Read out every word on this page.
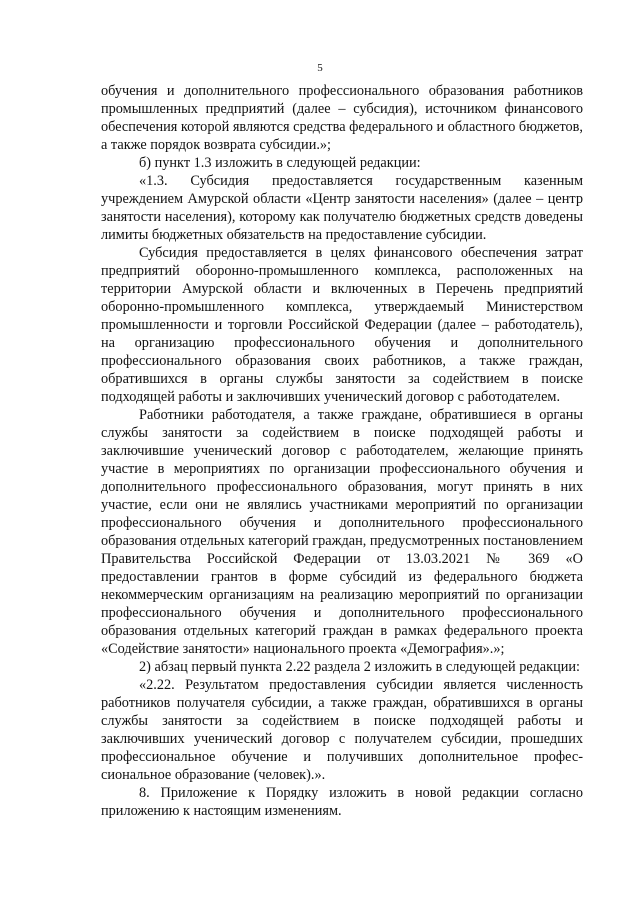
5

обучения и дополнительного профессионального образования работников промышленных предприятий (далее – субсидия), источником финансового обеспечения которой являются средства федерального и областного бюджетов, а также порядок возврата субсидии.»;

б) пункт 1.3 изложить в следующей редакции:

«1.3. Субсидия предоставляется государственным казенным учреждением Амурской области «Центр занятости населения» (далее – центр занятости населения), которому как получателю бюджетных средств доведены лимиты бюджетных обязательств на предоставление субсидии.

Субсидия предоставляется в целях финансового обеспечения затрат предприятий оборонно-промышленного комплекса, расположенных на территории Амурской области и включенных в Перечень предприятий оборонно-промышленного комплекса, утверждаемый Министерством промышленности и торговли Российской Федерации (далее – работодатель), на организацию профессионального обучения и дополнительного профессионального образования своих работников, а также граждан, обратившихся в органы службы занятости за содействием в поиске подходящей работы и заключивших ученический договор с работодателем.

Работники работодателя, а также граждане, обратившиеся в органы службы занятости за содействием в поиске подходящей работы и заключившие ученический договор с работодателем, желающие принять участие в мероприятиях по организации профессионального обучения и дополнительного профессионального образования, могут принять в них участие, если они не являлись участниками мероприятий по организации профессионального обучения и дополнительного профессионального образования отдельных категорий граждан, предусмотренных постановлением Правительства Российской Федерации от 13.03.2021 № 369 «О предоставлении грантов в форме субсидий из федерального бюджета некоммерческим организациям на реализацию мероприятий по организации профессионального обучения и дополнительного профессионального образования отдельных категорий граждан в рамках федерального проекта «Содействие занятости» национального проекта «Демография».»;

2) абзац первый пункта 2.22 раздела 2 изложить в следующей редакции:

«2.22. Результатом предоставления субсидии является численность работников получателя субсидии, а также граждан, обратившихся в органы службы занятости за содействием в поиске подходящей работы и заключивших ученический договор с получателем субсидии, прошедших профессиональное обучение и получивших дополнительное профес-сиональное образование (человек).».

8. Приложение к Порядку изложить в новой редакции согласно приложению к настоящим изменениям.
